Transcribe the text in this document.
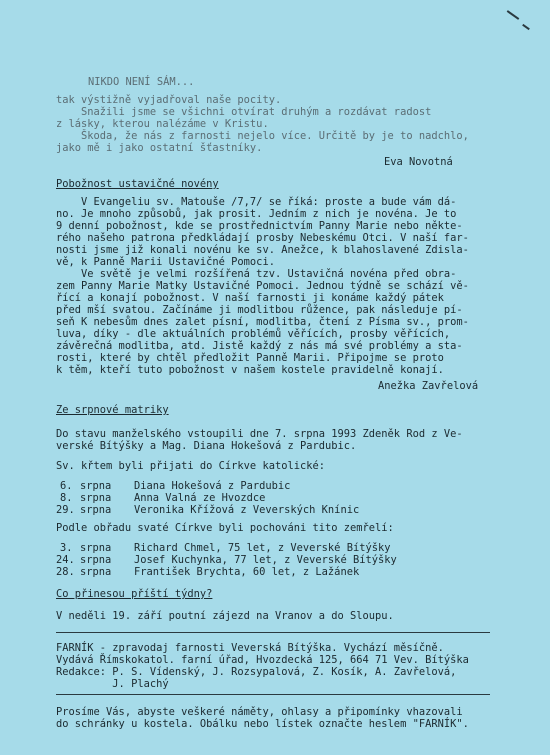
NIKDO NENÍ SÁM...
tak výstižně vyjadřoval naše pocity.
Snažili jsme se všichni otvírat druhým a rozdávat radost
z lásky, kterou nalézáme v Kristu.
Škoda, že nás z farnosti nejelo více. Určitě by je to nadchlo,
jako mě i jako ostatní šťastníky.
Eva Novotná
Pobožnost ustavičné novény
V Evangeliu sv. Matouše /7,7/ se říká: proste a bude vám dá-
no. Je mnoho způsobů, jak prosit. Jedním z nich je novéna. Je to
9 denní pobožnost, kde se prostřednictvím Panny Marie nebo někte-
rého našeho patrona předkládají prosby Nebeskému Otci. V naší far-
nosti jsme již konali novénu ke sv. Anežce, k blahoslavené Zdisla-
vě, k Panně Marii Ustavičné Pomoci.
Ve světě je velmi rozšířená tzv. Ustavičná novéna před obra-
zem Panny Marie Matky Ustavičné Pomoci. Jednou týdně se schází vě-
řící a konají pobožnost. V naší farnosti ji konáme každý pátek
před mší svatou. Začínáme ji modlitbou růžence, pak následuje pí-
seň K nebesům dnes zalet písní, modlitba, čtení z Písma sv., prom-
luva, díky - dle aktuálních problémů věřících, prosby věřících,
závěrečná modlitba, atd. Jistě každý z nás má své problémy a sta-
rosti, které by chtěl předložit Panně Marii. Připojme se proto
k těm, kteří tuto pobožnost v našem kostele pravidelně konají.
Anežka Zavřelová
Ze srpnové matriky
Do stavu manželského vstoupili dne 7. srpna 1993 Zdeněk Rod z Ve-
verské Bítýšky a Mag. Diana Hokešová z Pardubic.
Sv. křtem byli přijati do Církve katolické:
6. srpna Diana Hokešová z Pardubic
8. srpna Anna Valná ze Hvozdce
29. srpna Veronika Křížová z Veverských Knínic
Podle obřadu svaté Církve byli pochováni tito zemřelí:
3. srpna Richard Chmel, 75 let, z Veverské Bítýšky
24. srpna Josef Kuchynka, 77 let, z Veverské Bítýšky
28. srpna František Brychta, 60 let, z Lažánek
Co přinesou příští týdny?
V neděli 19. září poutní zájezd na Vranov a do Sloupu.
FARNÍK - zpravodaj farnosti Veverská Bítýška. Vychází měsíčně.
Vydává Římskokatol. farní úřad, Hvozdecká 125, 664 71 Vev. Bítýška
Redakce: P. S. Vídenský, J. Rozsypalová, Z. Kosík, A. Zavřelová,
J. Plachý
Prosíme Vás, abyste veškeré náměty, ohlasy a připomínky vhazovali
do schránky u kostela. Obálku nebo lístek označte heslem "FARNÍK".
